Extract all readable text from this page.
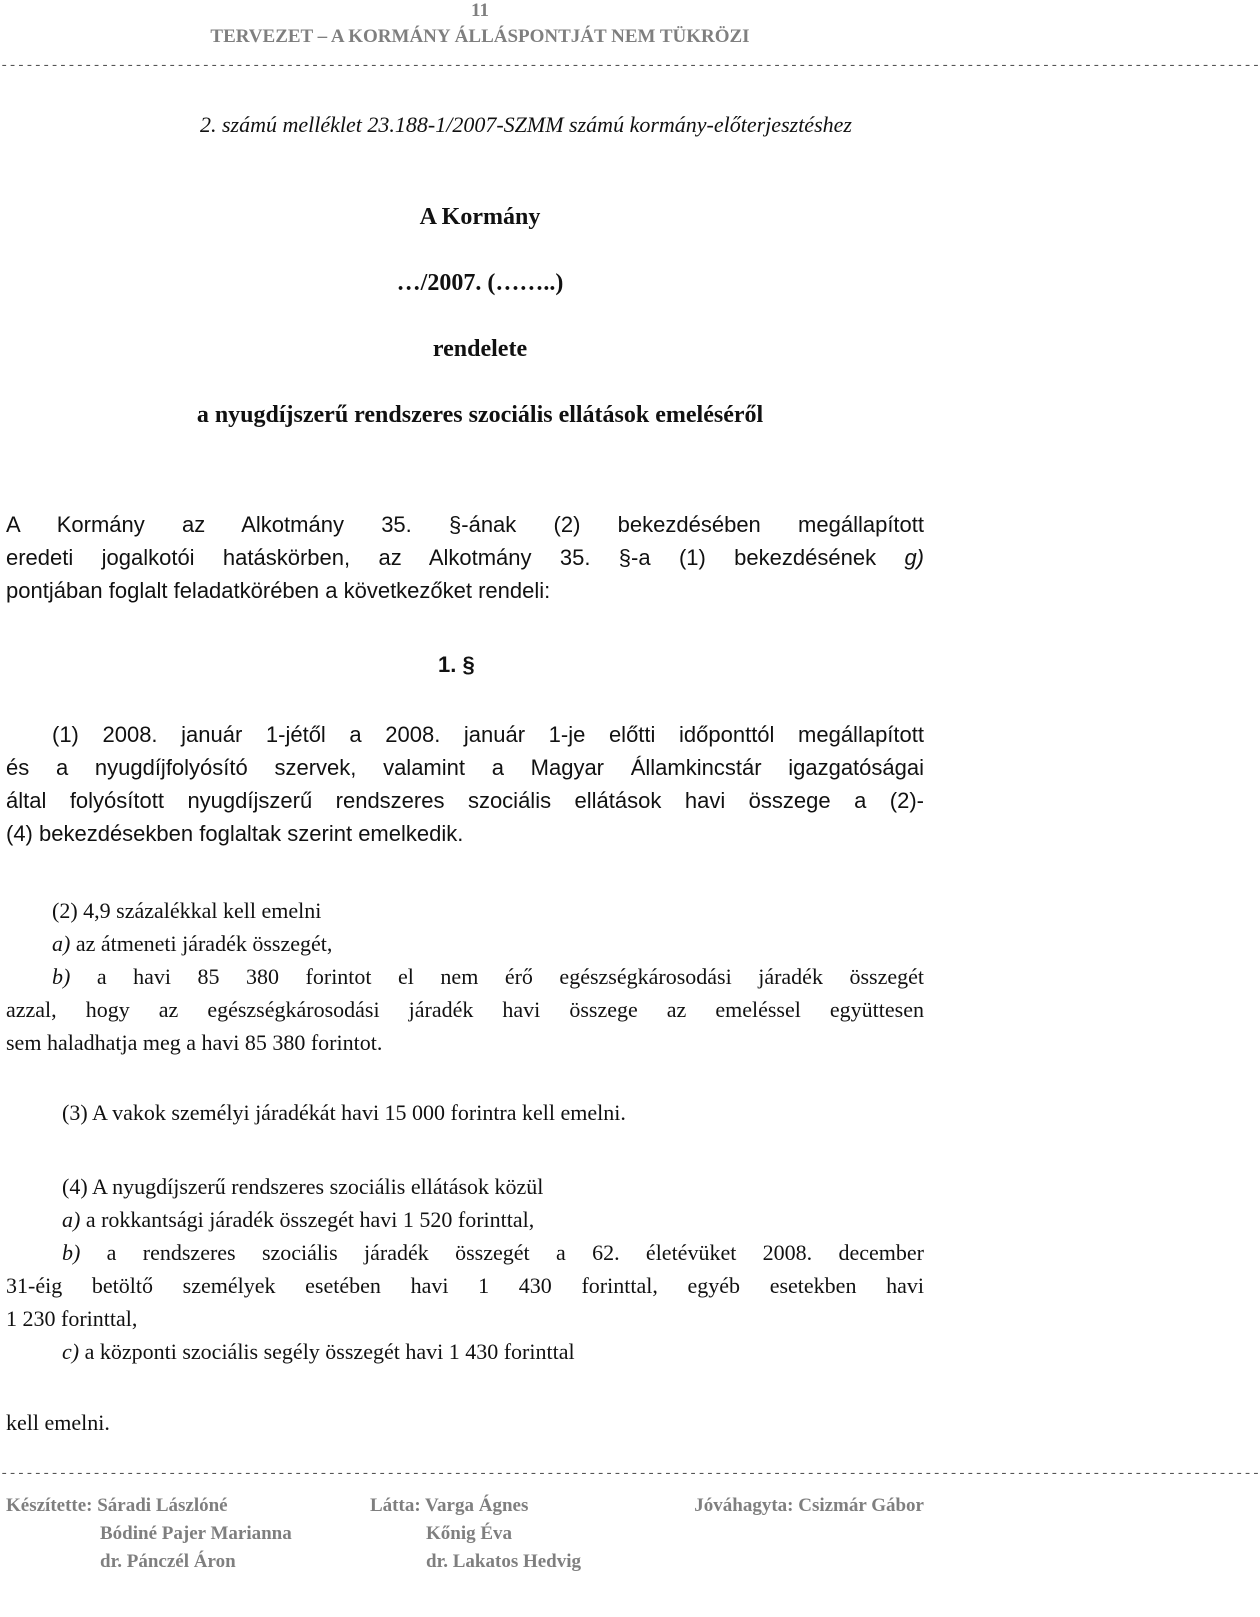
11
TERVEZET – A KORMÁNY ÁLLÁSPONTJÁT NEM TÜKRÖZI
------------------------------------------------------------------------------------------------------------------------------------------------------
2. számú melléklet 23.188-1/2007-SZMM számú kormány-előterjesztéshez
A Kormány
…/2007. (……..)
rendelete
a nyugdíjszerű rendszeres szociális ellátások emeléséről
A Kormány az Alkotmány 35. §-ának (2) bekezdésében megállapított
eredeti jogalkotói hatáskörben, az Alkotmány 35. §-a (1) bekezdésének g)
pontjában foglalt feladatkörében a következőket rendeli:
1. §
(1) 2008. január 1-jétől a 2008. január 1-je előtti időponttól megállapított
és a nyugdíjfolyósító szervek, valamint a Magyar Államkincstár igazgatóságai
által folyósított nyugdíjszerű rendszeres szociális ellátások havi összege a (2)-
(4) bekezdésekben foglaltak szerint emelkedik.
(2) 4,9 százalékkal kell emelni
a) az átmeneti járadék összegét,
b) a havi 85 380 forintot el nem érő egészségkárosodási járadék összegét
azzal, hogy az egészségkárosodási járadék havi összege az emeléssel együttesen
sem haladhatja meg a havi 85 380 forintot.
(3) A vakok személyi járadékát havi 15 000 forintra kell emelni.
(4) A nyugdíjszerű rendszeres szociális ellátások közül
a) a rokkantsági járadék összegét havi 1 520 forinttal,
b) a rendszeres szociális járadék összegét a 62. életévüket 2008. december
31-éig betöltő személyek esetében havi 1 430 forinttal, egyéb esetekben havi
1 230 forinttal,
c) a központi szociális segély összegét havi 1 430 forinttal
kell emelni.
------------------------------------------------------------------------------------------------------------------------------------------------------
Készítette: Sáradi Lászlóné
Bódiné Pajer Marianna
dr. Pánczél Áron
Látta: Varga Ágnes
Kőnig Éva
dr. Lakatos Hedvig
Jóváhagyta: Csizmár Gábor
